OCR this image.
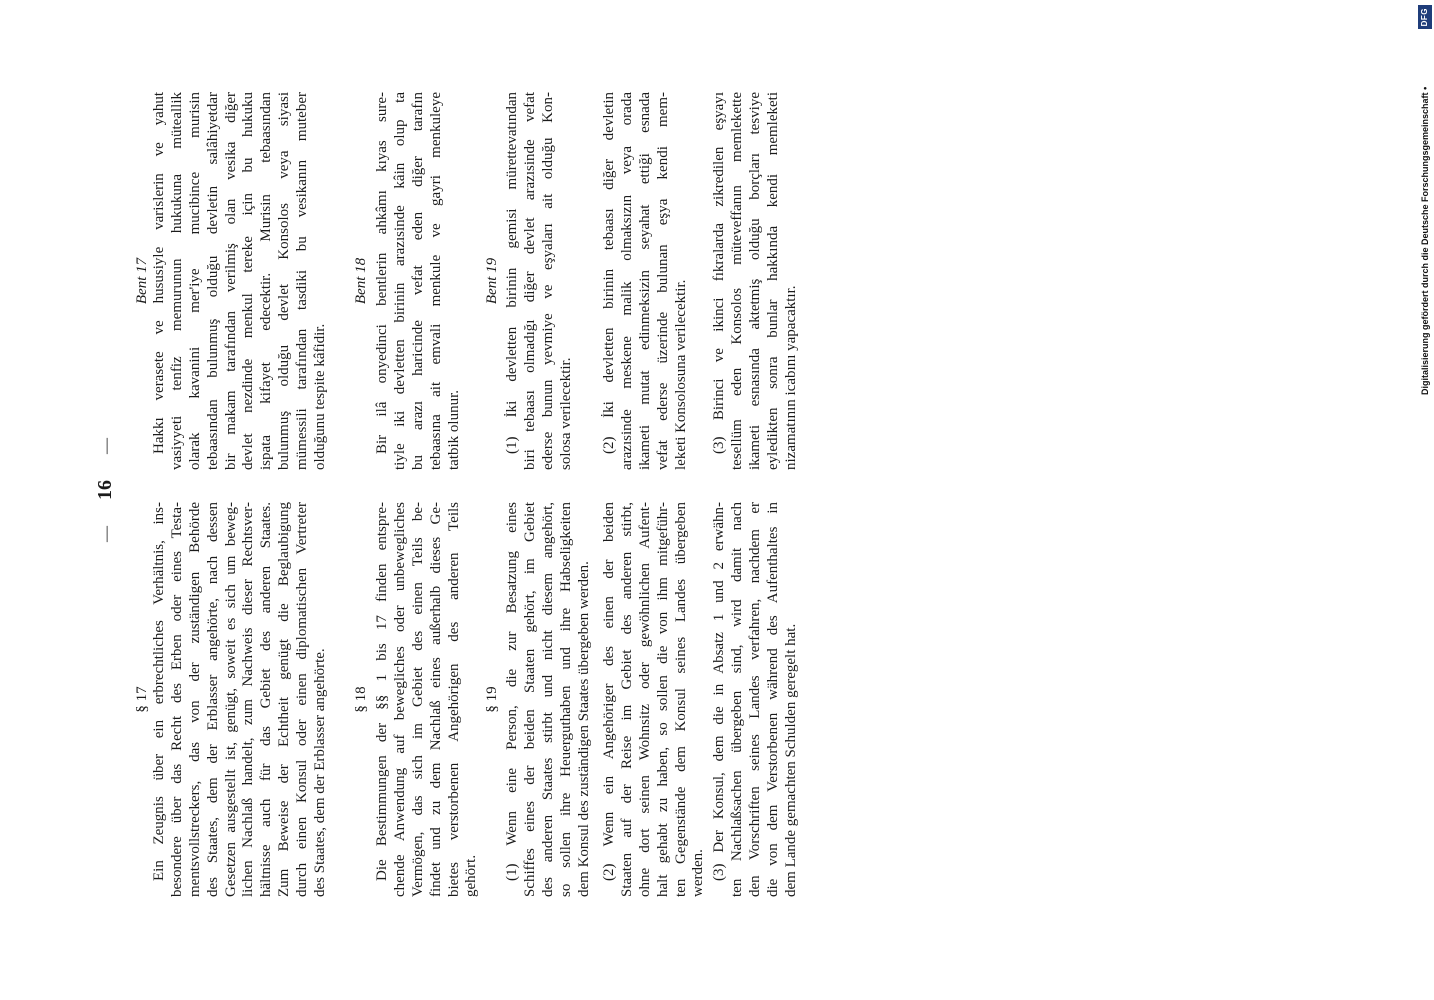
— 16 —
§ 17 Ein Zeugnis über ein erbrechtliches Verhältnis, ins- besondere über das Recht des Erben oder eines Testa- mentsvollstreckers, das von der zuständigen Behörde des Staates, dem der Erblasser angehörte, nach dessen Gesetzen ausgestellt ist, genügt, soweit es sich um beweg- lichen Nachlaß handelt, zum Nachweis dieser Rechtsver- hältnisse auch für das Gebiet des anderen Staates. Zum Beweise der Echtheit genügt die Beglaubigung durch einen Konsul oder einen diplomatischen Vertreter des Staates, dem der Erblasser angehörte. § 18 Die Bestimmungen der §§ 1 bis 17 finden entspre- chende Anwendung auf bewegliches oder unbewegliches Vermögen, das sich im Gebiet des einen Teils be- findet und zu dem Nachlaß eines außerhalb dieses Ge- bietes verstorbenen Angehörigen des anderen Teils gehört.
§ 19 (1) Wenn eine Person, die zur Besatzung eines Schiffes eines der beiden Staaten gehört, im Gebiet des anderen Staates stirbt und nicht diesem angehört, so sollen ihre Heuerguthaben und ihre Habseligkeiten dem Konsul des zuständigen Staates übergeben werden. (2) Wenn ein Angehöriger des einen der beiden Staaten auf der Reise im Gebiet des anderen stirbt, ohne dort seinen Wohnsitz oder gewöhnlichen Aufent- halt gehabt zu haben, so sollen die von ihm mitgeführ- ten Gegenstände dem Konsul seines Landes übergeben werden. (3) Der Konsul, dem die in Absatz 1 und 2 erwähn- ten Nachlaßsachen übergeben sind, wird damit nach den Vorschriften seines Landes verfahren, nachdem er die von dem Verstorbenen während des Aufenthaltes in dem Lande gemachten Schulden geregelt hat.
Bent 17 Hakkı verasete ve hususiyle varislerin ve yahut vasiyyeti tenfiz memurunun hukukuna müteallik olarak kavanini mer'iye mucibince murisin tebaasından bulunmuş olduğu devletin salâhiyetdar bir makam tarafından verilmiş olan vesika diğer devlet nezdinde menkul tereke için bu hukuku ispata kifayet edecektir. Murisin tebaasından bulunmuş olduğu devlet Konsolos veya siyasi mümessili tarafından tasdiki bu vesikanın muteber olduğunu tespite kâfidir.
Bent 18 Bir ilâ onyedinci bentlerin ahkâmı kıyas sure- tiyle iki devletten birinin arazısinde kâin olup ta bu arazı haricinde vefat eden diğer tarafın tebaasına ait emvali menkule ve gayri menkuleye tatbik olunur.
Bent 19 (1) İki devletten birinin gemisi mürettevatından biri tebaası olmadığı diğer devlet arazısinde vefat ederse bunun yevmiye ve eşyaları ait olduğu Kon- solosa verilecektir. (2) İki devletten birinin tebaası diğer devletin arazısinde meskene malik olmaksızın veya orada ikameti mutat edinmeksizin seyahat ettiği esnada vefat ederse üzerinde bulunan eşya kendi mem- leketi Konsolosuna verilecektir. (3) Birinci ve ikinci fıkralarda zikredilen eşyayı tesellüm eden Konsolos müteveffanın memlekette ikameti esnasında aktetmiş olduğu borçları tesviye eyledikten sonra bunlar hakkında kendi memleketi nizamatının icabını yapacaktır.	Digitalisierung gefördert durch die Deutsche Forschungsgemeinschaft •
DFG
